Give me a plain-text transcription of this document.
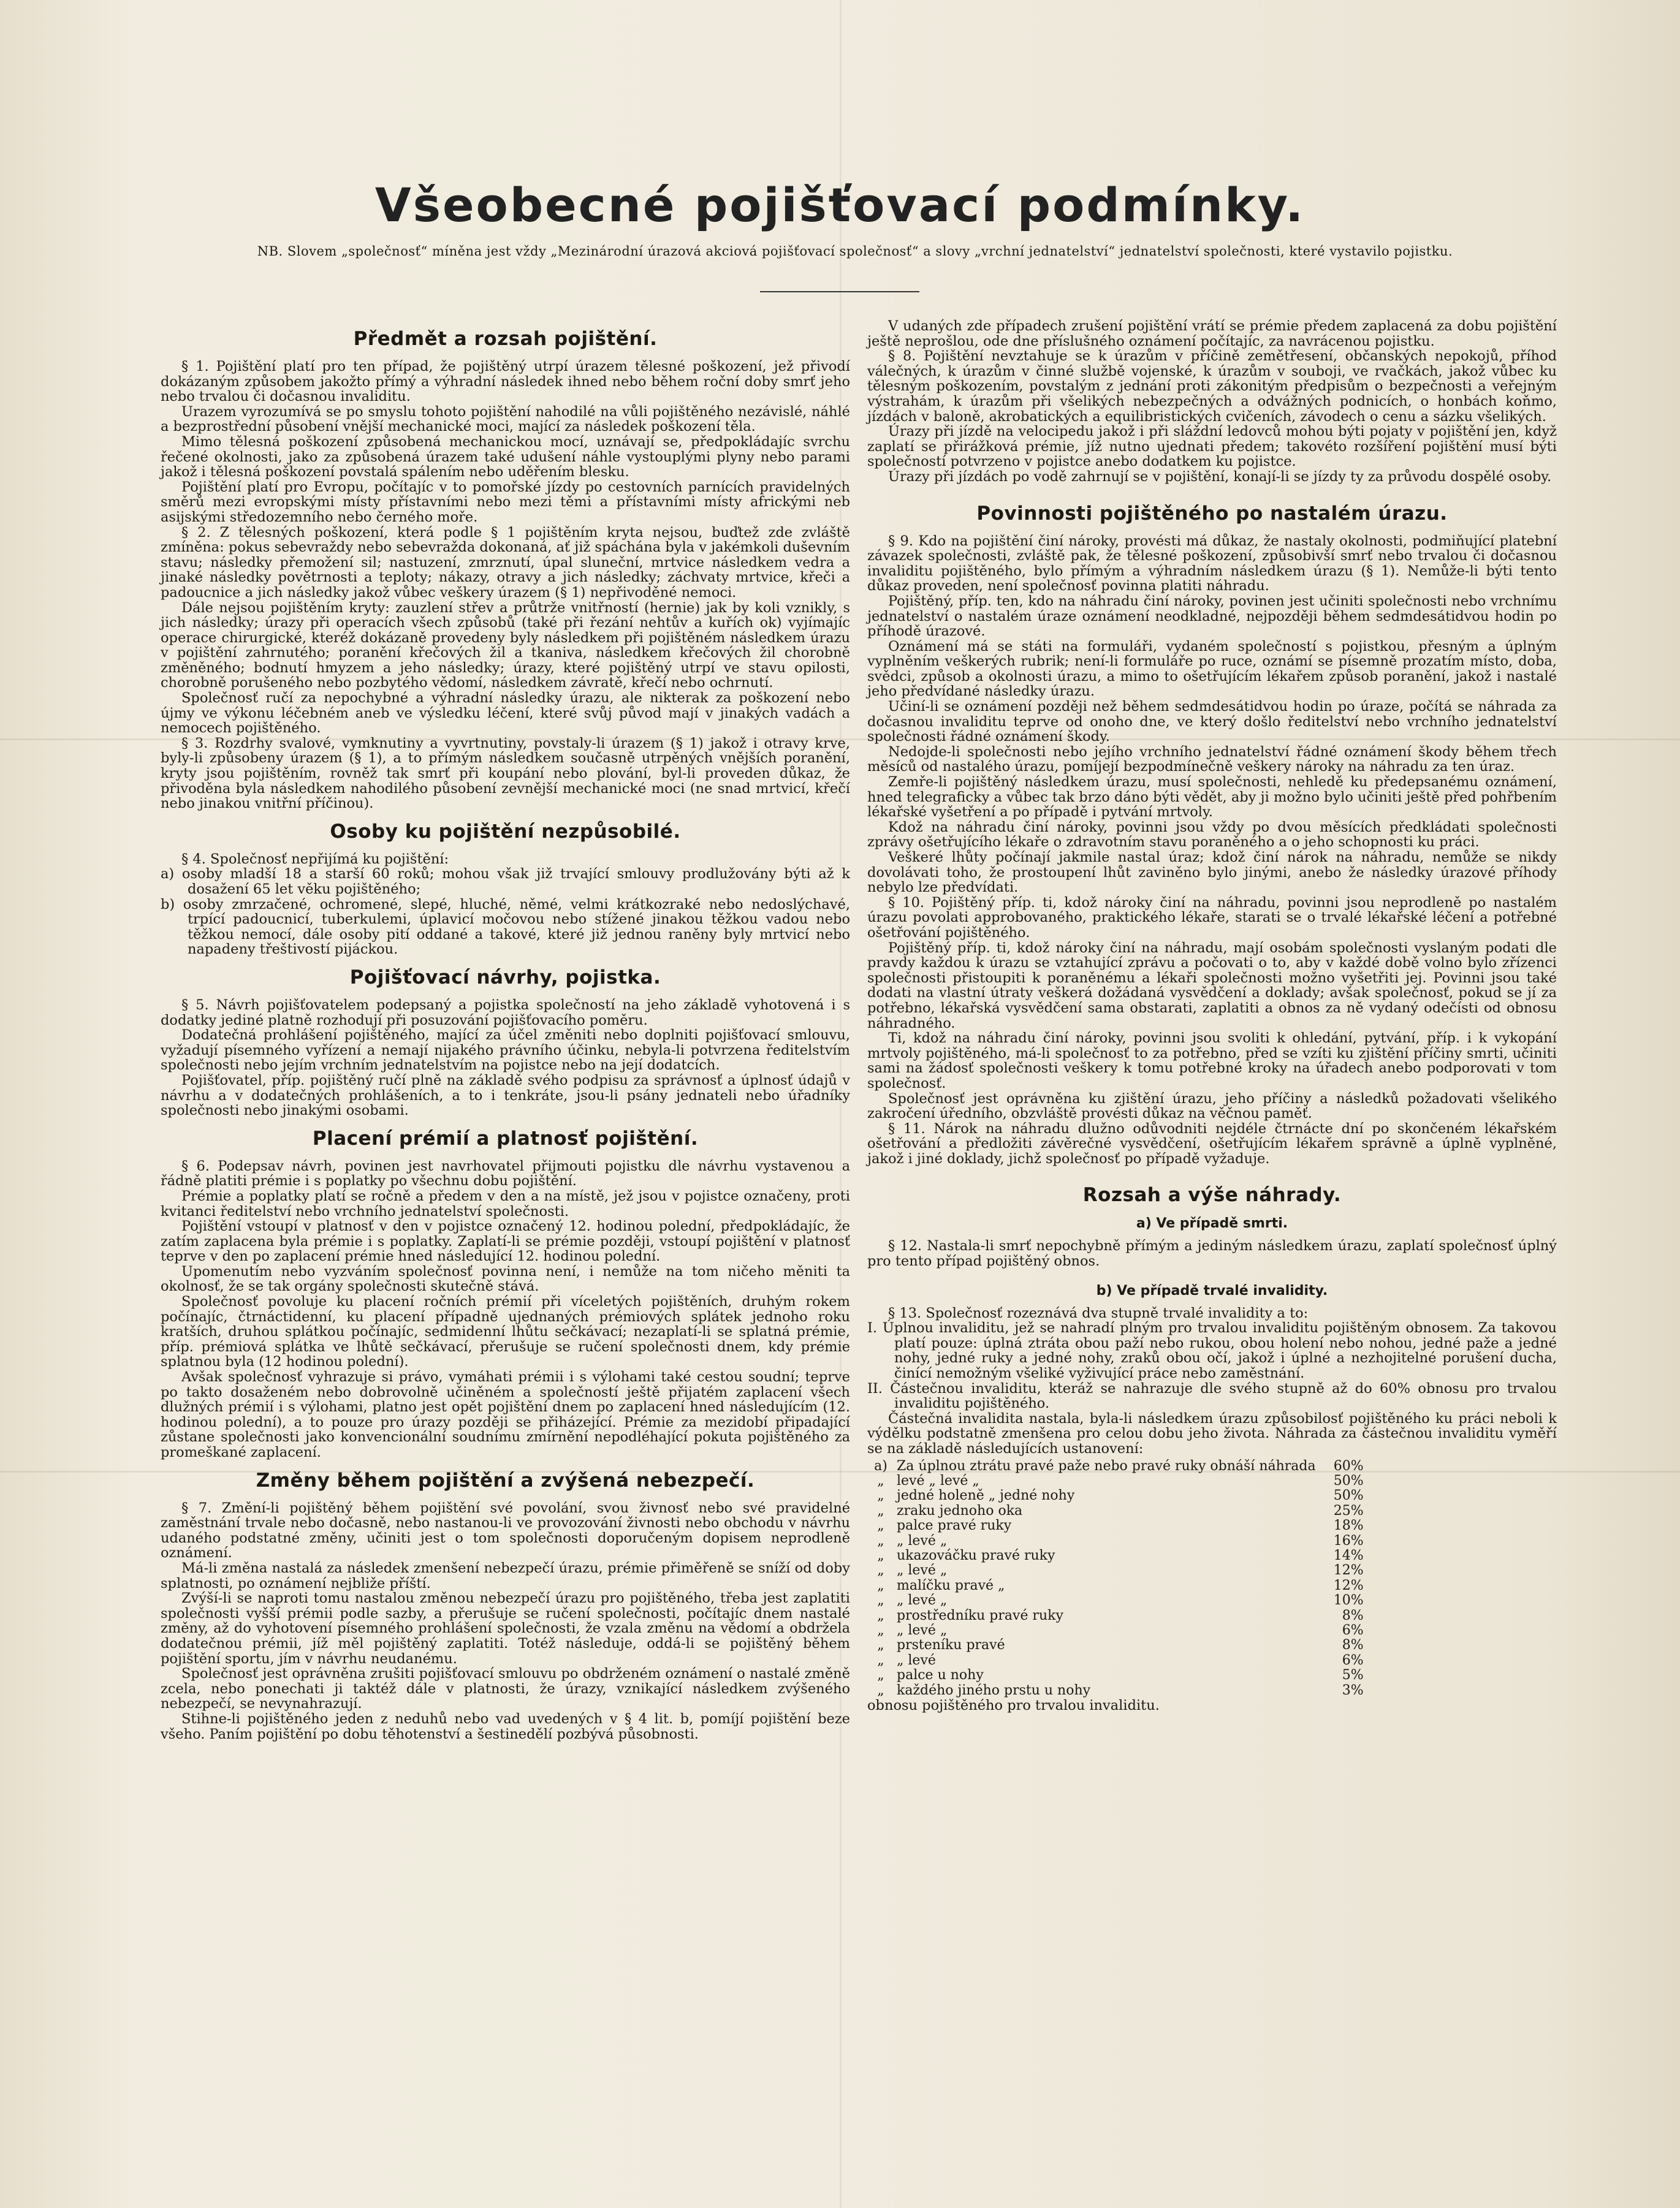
Všeobecné pojišťovací podmínky.
NB. Slovem „společnosť“ míněna jest vždy „Mezinárodní úrazová akciová pojišťovací společnosť“ a slovy „vrchní jednatelství“ jednatelství společnosti, které vystavilo pojistku.
Předmět a rozsah pojištění.

§ 1. Pojištění platí pro ten případ, že pojištěný utrpí úrazem tělesné poškození, jež přivodí dokázaným způsobem jakožto přímý a výhradní následek ihned nebo během roční doby smrť jeho nebo trvalou či dočasnou invaliditu.

Urazem vyrozumívá se po smyslu tohoto pojištění nahodilé na vůli pojištěného nezávislé, náhlé a bezprostřední působení vnější mechanické moci, mající za následek poškození těla.

Mimo tělesná poškození způsobená mechanickou mocí, uznávají se, předpokládajíc svrchu řečené okolnosti, jako za způsobená úrazem také udušení náhle vystouplými plyny nebo parami jakož i tělesná poškození povstalá spálením nebo uděřením blesku.

Pojištění platí pro Evropu, počítajíc v to pomořské jízdy po cestovních parnících pravidelných směrů mezi evropskými místy přístavními nebo mezi těmi a přístavními místy africkými neb asijskými středozemního nebo černého moře.

§ 2. Z tělesných poškození, která podle § 1 pojištěním kryta nejsou, buďtež zde zvláště zmíněna: pokus sebevraždy nebo sebevražda dokonaná, ať již spáchána byla v jakémkoli duševním stavu; následky přemožení sil; nastuzení, zmrznutí, úpal sluneční, mrtvice následkem vedra a jinaké následky povětrnosti a teploty; nákazy, otravy a jich následky; záchvaty mrtvice, křeči a padoucnice a jich následky jakož vůbec veškery úrazem (§ 1) nepřivoděné nemoci.

Dále nejsou pojištěním kryty: zauzlení střev a průtrže vnitřností (hernie) jak by koli vznikly, s jich následky; úrazy při operacích všech způsobů (také při řezání nehtův a kuřích ok) vyjímajíc operace chirurgické, kteréž dokázaně provedeny byly následkem při pojištěném následkem úrazu v pojištění zahrnutého; poranění křečových žil a tkaniva, následkem křečových žil chorobně změněného; bodnutí hmyzem a jeho následky; úrazy, které pojištěný utrpí ve stavu opilosti, chorobně porušeného nebo pozbytého vědomí, následkem závratě, křečí nebo ochrnutí.

Společnosť ručí za nepochybné a výhradní následky úrazu, ale nikterak za poškození nebo újmy ve výkonu léčebném aneb ve výsledku léčení, které svůj původ mají v jinakých vadách a nemocech pojištěného.

§ 3. Rozdrhy svalové, vymknutiny a vyvrtnutiny, povstaly-li úrazem (§ 1) jakož i otravy krve, byly-li způsobeny úrazem (§ 1), a to přímým následkem současně utrpěných vnějších poranění, kryty jsou pojištěním, rovněž tak smrť při koupání nebo plování, byl-li proveden důkaz, že přivoděna byla následkem nahodilého působení zevnější mechanické moci (ne snad mrtvicí, křečí nebo jinakou vnitřní příčinou).

Osoby ku pojištění nezpůsobilé.

§ 4. Společnosť nepřijímá ku pojištění:

a) osoby mladší 18 a starší 60 roků; mohou však již trvající smlouvy prodlužovány býti až k dosažení 65 let věku pojištěného;

b) osoby zmrzačené, ochromené, slepé, hluché, němé, velmi krátkozraké nebo nedoslýchavé, trpící padoucnicí, tuberkulemi, úplavicí močovou nebo stížené jinakou těžkou vadou nebo těžkou nemocí, dále osoby pití oddané a takové, které již jednou raněny byly mrtvicí nebo napadeny třeštivostí pijáckou.

Pojišťovací návrhy, pojistka.

§ 5. Návrh pojišťovatelem podepsaný a pojistka společností na jeho základě vyhotovená i s dodatky jediné platně rozhodují při posuzování pojišťovacího poměru.

Dodatečná prohlášení pojištěného, mající za účel změniti nebo doplniti pojišťovací smlouvu, vyžadují písemného vyřízení a nemají nijakého právního účinku, nebyla-li potvrzena ředitelstvím společnosti nebo jejím vrchním jednatelstvím na pojistce nebo na její dodatcích.

Pojišťovatel, příp. pojištěný ručí plně na základě svého podpisu za správnosť a úplnosť údajů v návrhu a v dodatečných prohlášeních, a to i tenkráte, jsou-li psány jednateli nebo úřadníky společnosti nebo jinakými osobami.

Placení prémií a platnosť pojištění.

§ 6. Podepsav návrh, povinen jest navrhovatel přijmouti pojistku dle návrhu vystavenou a řádně platiti prémie i s poplatky po všechnu dobu pojištění.

Prémie a poplatky platí se ročně a předem v den a na místě, jež jsou v pojistce označeny, proti kvitanci ředitelství nebo vrchního jednatelství společnosti.

Pojištění vstoupí v platnosť v den v pojistce označený 12. hodinou polední, předpokládajíc, že zatím zaplacena byla prémie i s poplatky. Zaplatí-li se prémie později, vstoupí pojištění v platnosť teprve v den po zaplacení prémie hned následující 12. hodinou polední.

Upomenutím nebo vyzváním společnosť povinna není, i nemůže na tom ničeho měniti ta okolnosť, že se tak orgány společnosti skutečně stává.

Společnosť povoluje ku placení ročních prémií při víceletých pojištěních, druhým rokem počínajíc, čtrnáctidenní, ku placení případně ujednaných prémiových splátek jednoho roku kratších, druhou splátkou počínajíc, sedmidenní lhůtu sečkávací; nezaplatí-li se splatná prémie, příp. prémiová splátka ve lhůtě sečkávací, přerušuje se ručení společnosti dnem, kdy prémie splatnou byla (12 hodinou polední).

Avšak společnosť vyhrazuje si právo, vymáhati prémii i s výlohami také cestou soudní; teprve po takto dosaženém nebo dobrovolně učiněném a společností ještě přijatém zaplacení všech dlužných prémií i s výlohami, platno jest opět pojištění dnem po zaplacení hned následujícím (12. hodinou polední), a to pouze pro úrazy později se přiházející. Prémie za mezidobí připadající zůstane společnosti jako konvencionální soudnímu zmírnění nepodléhající pokuta pojištěného za promeškané zaplacení.

Změny během pojištění a zvýšená nebezpečí.

§ 7. Změní-li pojištěný během pojištění své povolání, svou živnosť nebo své pravidelné zaměstnání trvale nebo dočasně, nebo nastanou-li ve provozování živnosti nebo obchodu v návrhu udaného podstatné změny, učiniti jest o tom společnosti doporučeným dopisem neprodleně oznámení.

Má-li změna nastalá za následek zmenšení nebezpečí úrazu, prémie přiměřeně se sníží od doby splatnosti, po oznámení nejbliže příští.

Zvýší-li se naproti tomu nastalou změnou nebezpečí úrazu pro pojištěného, třeba jest zaplatiti společnosti vyšší prémii podle sazby, a přerušuje se ručení společnosti, počítajíc dnem nastalé změny, až do vyhotovení písemného prohlášení společnosti, že vzala změnu na vědomí a obdržela dodatečnou prémii, jíž měl pojištěný zaplatiti. Totéž následuje, oddá-li se pojištěný během pojištění sportu, jím v návrhu neudanému.

Společnosť jest oprávněna zrušiti pojišťovací smlouvu po obdrženém oznámení o nastalé změně zcela, nebo ponechati ji taktéž dále v platnosti, že úrazy, vznikající následkem zvýšeného nebezpečí, se nevynahrazují.

Stihne-li pojištěného jeden z neduhů nebo vad uvedených v § 4 lit. b, pomíjí pojištění beze všeho. Paním pojištění po dobu těhotenství a šestinedělí pozbývá působnosti.

V udaných zde případech zrušení pojištění vrátí se prémie předem zaplacená za dobu pojištění ještě neprošlou, ode dne příslušného oznámení počítajíc, za navrácenou pojistku.

§ 8. Pojištění nevztahuje se k úrazům v příčině zemětřesení, občanských nepokojů, příhod válečných, k úrazům v činné službě vojenské, k úrazům v souboji, ve rvačkách, jakož vůbec ku tělesným poškozením, povstalým z jednání proti zákonitým předpisům o bezpečnosti a veřejným výstrahám, k úrazům při všelikých nebezpečných a odvážných podnicích, o honbách koňmo, jízdách v baloně, akrobatických a equilibristických cvičeních, závodech o cenu a sázku všelikých.

Úrazy při jízdě na velocipedu jakož i při sláždní ledovců mohou býti pojaty v pojištění jen, když zaplatí se přirážková prémie, jíž nutno ujednati předem; takovéto rozšíření pojištění musí býti společností potvrzeno v pojistce anebo dodatkem ku pojistce.

Úrazy při jízdách po vodě zahrnují se v pojištění, konají-li se jízdy ty za průvodu dospělé osoby.

Povinnosti pojištěného po nastalém úrazu.

§ 9. Kdo na pojištění činí nároky, provésti má důkaz, že nastaly okolnosti, podmiňující platební závazek společnosti, zvláště pak, že tělesné poškození, způsobivší smrť nebo trvalou či dočasnou invaliditu pojištěného, bylo přímým a výhradním následkem úrazu (§ 1). Nemůže-li býti tento důkaz proveden, není společnosť povinna platiti náhradu.

Pojištěný, příp. ten, kdo na náhradu činí nároky, povinen jest učiniti společnosti nebo vrchnímu jednatelství o nastalém úraze oznámení neodkladné, nejpozději během sedmdesátidvou hodin po příhodě úrazové.

Oznámení má se státi na formuláři, vydaném společností s pojistkou, přesným a úplným vyplněním veškerých rubrik; není-li formuláře po ruce, oznámí se písemně prozatím místo, doba, svědci, způsob a okolnosti úrazu, a mimo to ošetřujícím lékařem způsob poranění, jakož i nastalé jeho předvídané následky úrazu.

Učiní-li se oznámení později než během sedmdesátidvou hodin po úraze, počítá se náhrada za dočasnou invaliditu teprve od onoho dne, ve který došlo ředitelství nebo vrchního jednatelství společnosti řádné oznámení škody.

Nedojde-li společnosti nebo jejího vrchního jednatelství řádné oznámení škody během třech měsíců od nastalého úrazu, pomíjejí bezpodmínečně veškery nároky na náhradu za ten úraz.

Zemře-li pojištěný následkem úrazu, musí společnosti, nehledě ku předepsanému oznámení, hned telegraficky a vůbec tak brzo dáno býti vědět, aby ji možno bylo učiniti ještě před pohřbením lékařské vyšetření a po případě i pytvání mrtvoly.

Kdož na náhradu činí nároky, povinni jsou vždy po dvou měsících předkládati společnosti zprávy ošetřujícího lékaře o zdravotním stavu poraněného a o jeho schopnosti ku práci.

Veškeré lhůty počínají jakmile nastal úraz; kdož činí nárok na náhradu, nemůže se nikdy dovolávati toho, že prostoupení lhůt zaviněno bylo jinými, anebo že následky úrazové příhody nebylo lze předvídati.

§ 10. Pojištěný příp. ti, kdož nároky činí na náhradu, povinni jsou neprodleně po nastalém úrazu povolati approbovaného, praktického lékaře, starati se o trvalé lékařské léčení a potřebné ošetřování pojištěného.

Pojištěný příp. ti, kdož nároky činí na náhradu, mají osobám společnosti vyslaným podati dle pravdy každou k úrazu se vztahující zprávu a počovati o to, aby v každé době volno bylo zřízenci společnosti přistoupiti k poraněnému a lékaři společnosti možno vyšetřiti jej. Povinni jsou také dodati na vlastní útraty veškerá dožádaná vysvědčení a doklady; avšak společnosť, pokud se jí za potřebno, lékařská vysvědčení sama obstarati, zaplatiti a obnos za ně vydaný odečísti od obnosu náhradného.

Ti, kdož na náhradu činí nároky, povinni jsou svoliti k ohledání, pytvání, příp. i k vykopání mrtvoly pojištěného, má-li společnosť to za potřebno, před se vzíti ku zjištění příčiny smrti, učiniti sami na žádosť společnosti veškery k tomu potřebné kroky na úřadech anebo podporovati v tom společnosť.

Společnosť jest oprávněna ku zjištění úrazu, jeho příčiny a následků požadovati všelikého zakročení úředního, obzvláště provésti důkaz na věčnou paměť.

§ 11. Nárok na náhradu dlužno odůvodniti nejdéle čtrnácte dní po skončeném lékařském ošetřování a předložiti závěrečné vysvědčení, ošetřujícím lékařem správně a úplně vyplněné, jakož i jiné doklady, jichž společnosť po případě vyžaduje.

Rozsah a výše náhrady.
a) Ve případě smrti.

§ 12. Nastala-li smrť nepochybně přímým a jediným následkem úrazu, zaplatí společnosť úplný pro tento případ pojištěný obnos.

b) Ve případě trvalé invalidity.

§ 13. Společnosť rozeznává dva stupně trvalé invalidity a to:

I. Úplnou invaliditu, jež se nahradí plným pro trvalou invaliditu pojištěným obnosem. Za takovou platí pouze: úplná ztráta obou paží nebo rukou, obou holení nebo nohou, jedné paže a jedné nohy, jedné ruky a jedné nohy, zraků obou očí, jakož i úplné a nezhojitelné porušení ducha, činící nemožným všeliké vyživující práce nebo zaměstnání.

II. Částečnou invaliditu, kteráž se nahrazuje dle svého stupně až do 60% obnosu pro trvalou invaliditu pojištěného.

Částečná invalidita nastala, byla-li následkem úrazu způsobilosť pojištěného ku práci neboli k výdělku podstatně zmenšena pro celou dobu jeho života. Náhrada za částečnou invaliditu vyměří se na základě následujících ustanovení:

a)	Za úplnou ztrátu pravé paže nebo pravé ruky obnáší náhrada	60%
„	levé „ levé „	50%
„	jedné holeně „ jedné nohy	50%
„	zraku jednoho oka	25%
„	palce pravé ruky	18%
„	„ levé „	16%
„	ukazováčku pravé ruky	14%
„	„ levé „	12%
„	malíčku pravé „	12%
„	„ levé „	10%
„	prostředníku pravé ruky	8%
„	„ levé „	6%
„	prsteníku pravé	8%
„	„ levé	6%
„	palce u nohy	5%
„	každého jiného prstu u nohy	3%

obnosu pojištěného pro trvalou invaliditu.
